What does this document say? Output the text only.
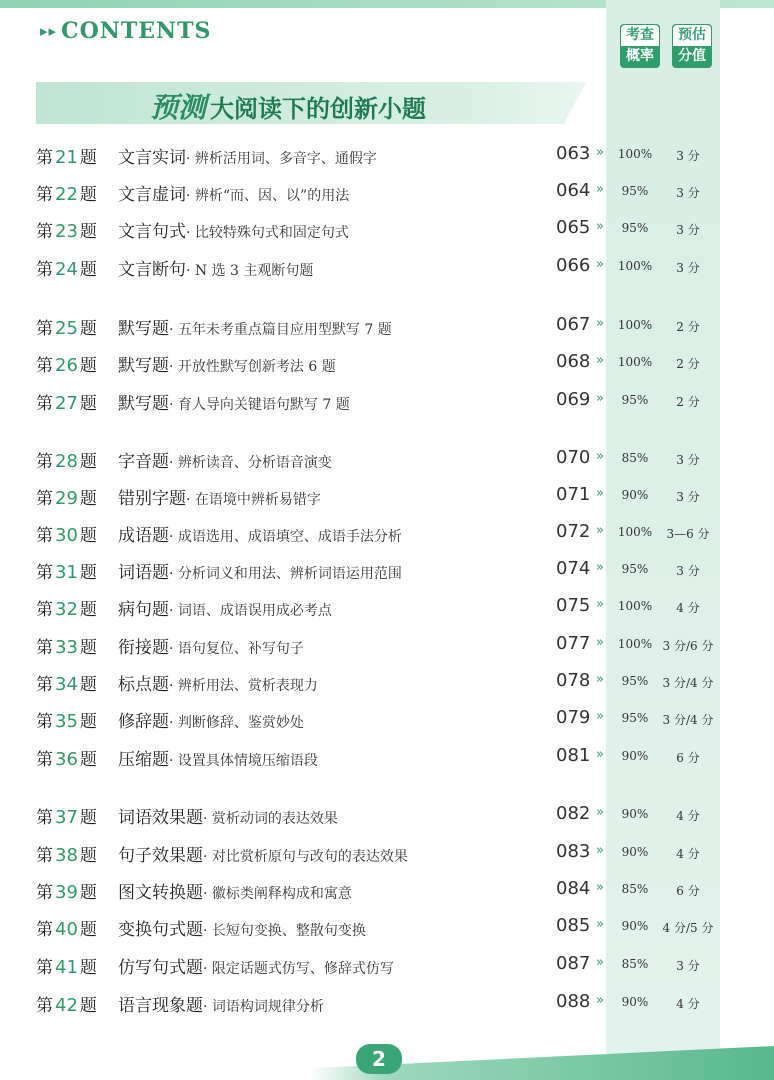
▸▸ CONTENTS	考查
概率
预估
分值
预测 大阅读下的创新小题
第 21 题 文言实词· 辨析活用词、多音字、通假字	063 »	100%	3 分
第 22 题 文言虚词· 辨析“而、因、以”的用法	064 »	95%	3 分
第 23 题 文言句式· 比较特殊句式和固定句式	065 »	95%	3 分
第 24 题 文言断句· N 选 3 主观断句题	066 »	100%	3 分
第 25 题 默写题· 五年未考重点篇目应用型默写 7 题	067 »	100%	2 分
第 26 题 默写题· 开放性默写创新考法 6 题	068 »	100%	2 分
第 27 题 默写题· 育人导向关键语句默写 7 题	069 »	95%	2 分
第 28 题 字音题· 辨析读音、分析语音演变	070 »	85%	3 分
第 29 题 错别字题· 在语境中辨析易错字	071 »	90%	3 分
第 30 题 成语题· 成语选用、成语填空、成语手法分析	072 »	100%	3—6 分
第 31 题 词语题· 分析词义和用法、辨析词语运用范围	074 »	95%	3 分
第 32 题 病句题· 词语、成语误用成必考点	075 »	100%	4 分
第 33 题 衔接题· 语句复位、补写句子	077 »	100% 3 分/6 分
第 34 题 标点题· 辨析用法、赏析表现力	078 »	95%	3 分/4 分
第 35 题 修辞题· 判断修辞、鉴赏妙处	079 »	95%	3 分/4 分
第 36 题 压缩题· 设置具体情境压缩语段	081 »	90%	6 分
第 37 题 词语效果题· 赏析动词的表达效果	082 »	90%	4 分
第 38 题 句子效果题· 对比赏析原句与改句的表达效果	083 »	90%	4 分
第 39 题 图文转换题· 徽标类阐释构成和寓意	084 »	85%	6 分
第 40 题 变换句式题· 长短句变换、整散句变换	085 »	90%	4 分/5 分
第 41 题 仿写句式题· 限定话题式仿写、修辞式仿写	087 »	85%	3 分
第 42 题 语言现象题· 词语构词规律分析	088 »	90%	4 分
2
